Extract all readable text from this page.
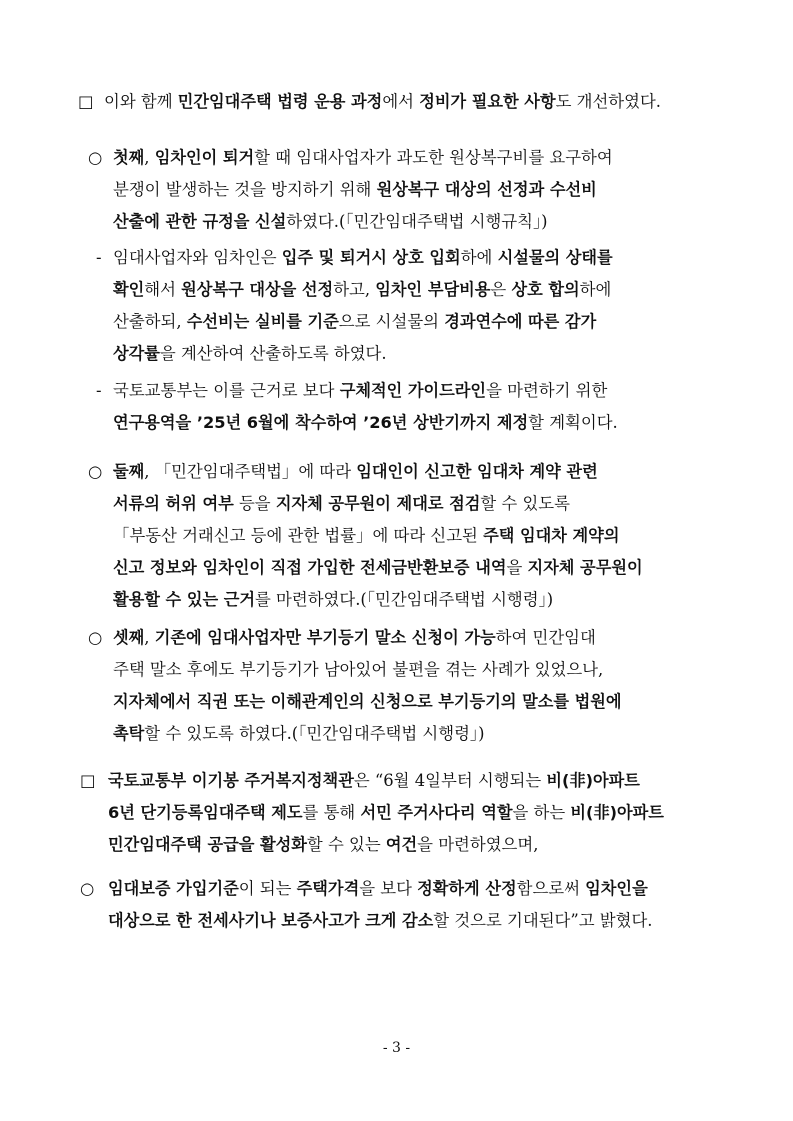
□ 이와 함께 민간임대주택 법령 운용 과정에서 정비가 필요한 사항도 개선하였다.
○ 첫째, 임차인이 퇴거할 때 임대사업자가 과도한 원상복구비를 요구하여
분쟁이 발생하는 것을 방지하기 위해 원상복구 대상의 선정과 수선비
산출에 관한 규정을 신설하였다.(「민간임대주택법 시행규칙」)
- 임대사업자와 임차인은 입주 및 퇴거시 상호 입회하에 시설물의 상태를
확인해서 원상복구 대상을 선정하고, 임차인 부담비용은 상호 합의하에
산출하되, 수선비는 실비를 기준으로 시설물의 경과연수에 따른 감가
상각률을 계산하여 산출하도록 하였다.
- 국토교통부는 이를 근거로 보다 구체적인 가이드라인을 마련하기 위한
연구용역을 ’25년 6월에 착수하여 ’26년 상반기까지 제정할 계획이다.
○ 둘째, 「민간임대주택법」에 따라 임대인이 신고한 임대차 계약 관련
서류의 허위 여부 등을 지자체 공무원이 제대로 점검할 수 있도록
「부동산 거래신고 등에 관한 법률」에 따라 신고된 주택 임대차 계약의
신고 정보와 임차인이 직접 가입한 전세금반환보증 내역을 지자체 공무원이
활용할 수 있는 근거를 마련하였다.(「민간임대주택법 시행령」)
○ 셋째, 기존에 임대사업자만 부기등기 말소 신청이 가능하여 민간임대
주택 말소 후에도 부기등기가 남아있어 불편을 겪는 사례가 있었으나,
지자체에서 직권 또는 이해관계인의 신청으로 부기등기의 말소를 법원에
촉탁할 수 있도록 하였다.(「민간임대주택법 시행령」)
□ 국토교통부 이기봉 주거복지정책관은 “6월 4일부터 시행되는 비(非)아파트
6년 단기등록임대주택 제도를 통해 서민 주거사다리 역할을 하는 비(非)아파트
민간임대주택 공급을 활성화할 수 있는 여건을 마련하였으며,
○ 임대보증 가입기준이 되는 주택가격을 보다 정확하게 산정함으로써 임차인을
대상으로 한 전세사기나 보증사고가 크게 감소할 것으로 기대된다”고 밝혔다.
- 3 -
